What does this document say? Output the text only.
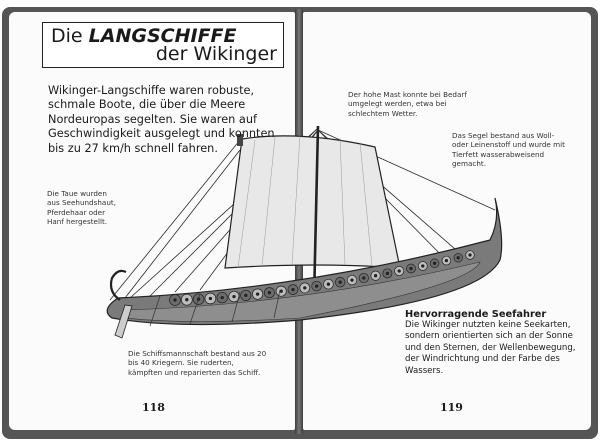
Die LANGSCHIFFE
der Wikinger
Wikinger-Langschiffe waren robuste, schmale Boote, die über die Meere Nordeuropas segelten. Sie waren auf Geschwindigkeit ausgelegt und konnten bis zu 27 km/h schnell fahren.
Der hohe Mast konnte bei Bedarf umgelegt werden, etwa bei schlechtem Wetter.
Das Segel bestand aus Woll- oder Leinenstoff und wurde mit Tierfett wasserabweisend gemacht.
Die Taue wurden aus Seehundshaut, Pferdehaar oder Hanf hergestellt.
Die Schiffsmannschaft bestand aus 20 bis 40 Kriegern. Sie ruderten, kämpften und reparierten das Schiff.
Hervorragende Seefahrer
Die Wikinger nutzten keine Seekarten, sondern orientierten sich an der Sonne und den Sternen, der Wellenbewegung, der Windrichtung und der Farbe des Wassers.
118	119
